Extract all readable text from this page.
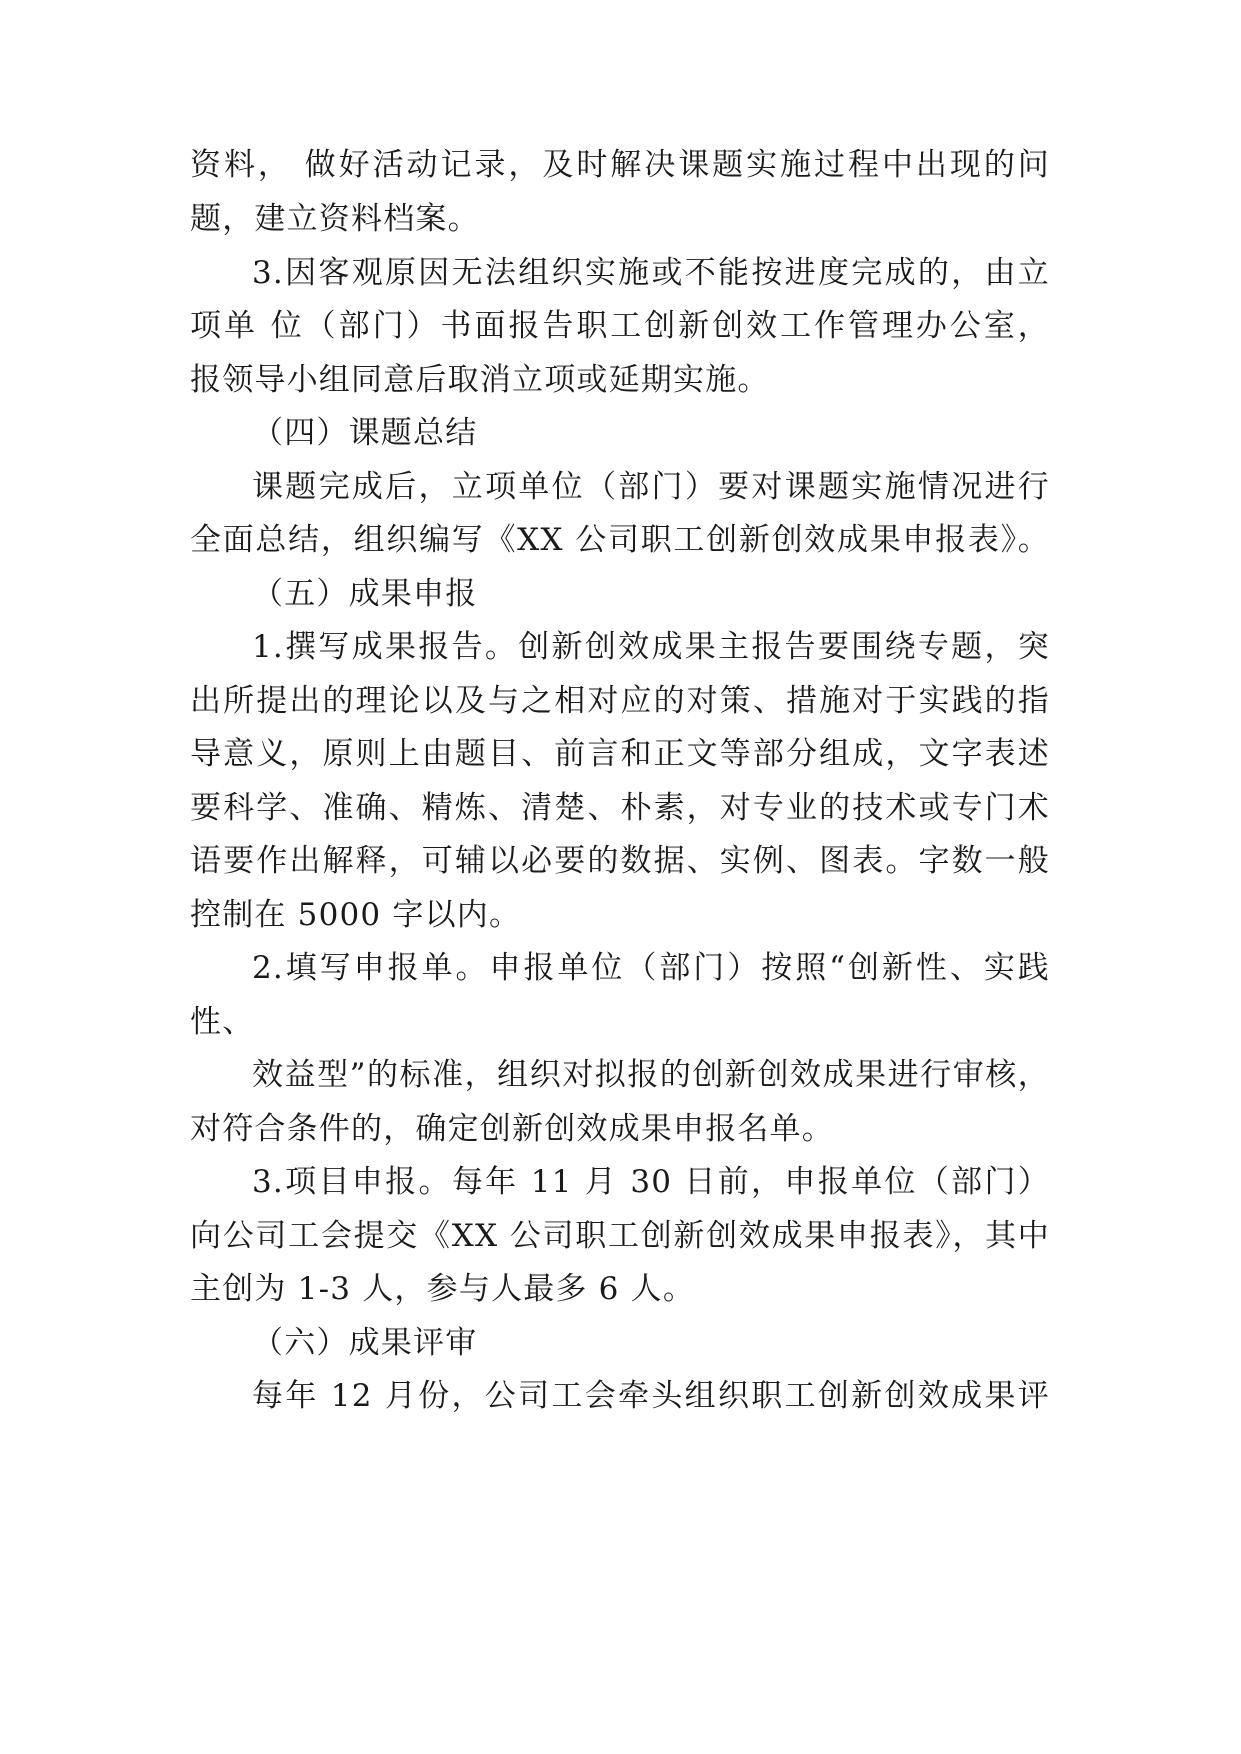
资料， 做好活动记录，及时解决课题实施过程中出现的问
题，建立资料档案。
3.因客观原因无法组织实施或不能按进度完成的，由立
项单 位（部门）书面报告职工创新创效工作管理办公室，
报领导小组同意后取消立项或延期实施。
（四）课题总结
课题完成后，立项单位（部门）要对课题实施情况进行
全面总结，组织编写《XX 公司职工创新创效成果申报表》。
（五）成果申报
1.撰写成果报告。创新创效成果主报告要围绕专题，突
出所提出的理论以及与之相对应的对策、措施对于实践的指
导意义，原则上由题目、前言和正文等部分组成，文字表述
要科学、准确、精炼、清楚、朴素，对专业的技术或专门术
语要作出解释，可辅以必要的数据、实例、图表。字数一般
控制在 5000 字以内。
2.填写申报单。申报单位（部门）按照“创新性、实践
性、
效益型”的标准，组织对拟报的创新创效成果进行审核，
对符合条件的，确定创新创效成果申报名单。
3.项目申报。每年 11 月 30 日前，申报单位（部门）
向公司工会提交《XX 公司职工创新创效成果申报表》，其中
主创为 1-3 人，参与人最多 6 人。
（六）成果评审
每年 12 月份，公司工会牵头组织职工创新创效成果评
